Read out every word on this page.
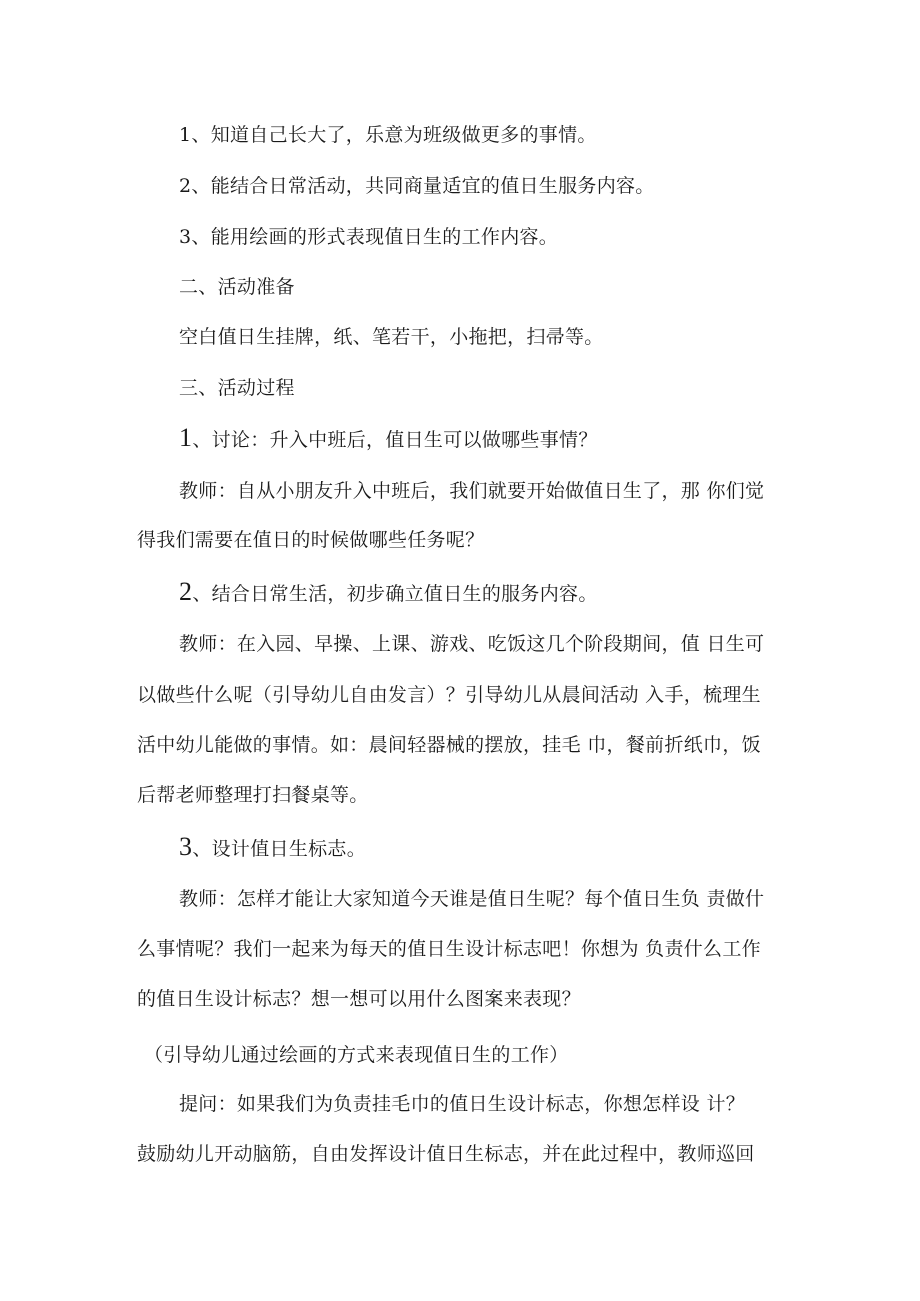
1、知道自己长大了，乐意为班级做更多的事情。
2、能结合日常活动，共同商量适宜的值日生服务内容。
3、能用绘画的形式表现值日生的工作内容。
二、活动准备
空白值日生挂牌，纸、笔若干，小拖把，扫帚等。
三、活动过程
1、讨论：升入中班后，值日生可以做哪些事情？
教师：自从小朋友升入中班后，我们就要开始做值日生了，那 你们觉
得我们需要在值日的时候做哪些任务呢？
2、结合日常生活，初步确立值日生的服务内容。
教师：在入园、早操、上课、游戏、吃饭这几个阶段期间，值 日生可
以做些什么呢（引导幼儿自由发言）？引导幼儿从晨间活动 入手，梳理生
活中幼儿能做的事情。如：晨间轻器械的摆放，挂毛 巾，餐前折纸巾，饭
后帮老师整理打扫餐桌等。
3、设计值日生标志。
教师：怎样才能让大家知道今天谁是值日生呢？每个值日生负 责做什
么事情呢？我们一起来为每天的值日生设计标志吧！你想为 负责什么工作
的值日生设计标志？想一想可以用什么图案来表现？
（引导幼儿通过绘画的方式来表现值日生的工作）
提问：如果我们为负责挂毛巾的值日生设计标志，你想怎样设 计？
鼓励幼儿开动脑筋，自由发挥设计值日生标志，并在此过程中，教师巡回
